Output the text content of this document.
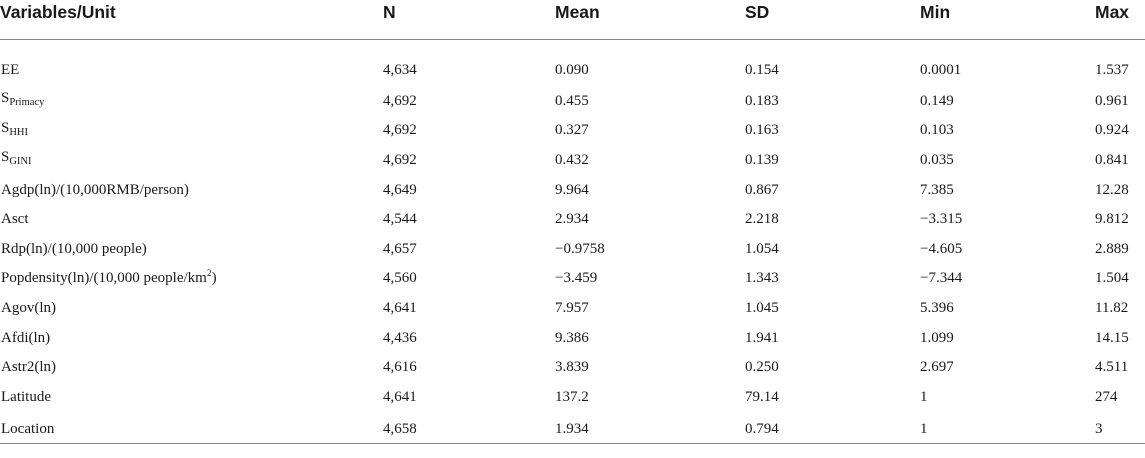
Variables/Unit	N	Mean	SD	Min	Max
EE	4,634	0.090	0.154	0.0001	1.537
$S_{Primacy}$	4,692	0.455	0.183	0.149	0.961
$S_{HHI}$	4,692	0.327	0.163	0.103	0.924
$S_{GINI}$	4,692	0.432	0.139	0.035	0.841
Agdp(ln)/(10,000RMB/person)	4,649	9.964	0.867	7.385	12.28
Asct	4,544	2.934	2.218	−3.315	9.812
Rdp(ln)/(10,000 people)	4,657	−0.9758	1.054	−4.605	2.889
Popdensity(ln)/(10,000 people/$km^2$)	4,560	−3.459	1.343	−7.344	1.504
Agov(ln)	4,641	7.957	1.045	5.396	11.82
Afdi(ln)	4,436	9.386	1.941	1.099	14.15
Astr2(ln)	4,616	3.839	0.250	2.697	4.511
Latitude	4,641	137.2	79.14	1	274
Location	4,658	1.934	0.794	1	3
